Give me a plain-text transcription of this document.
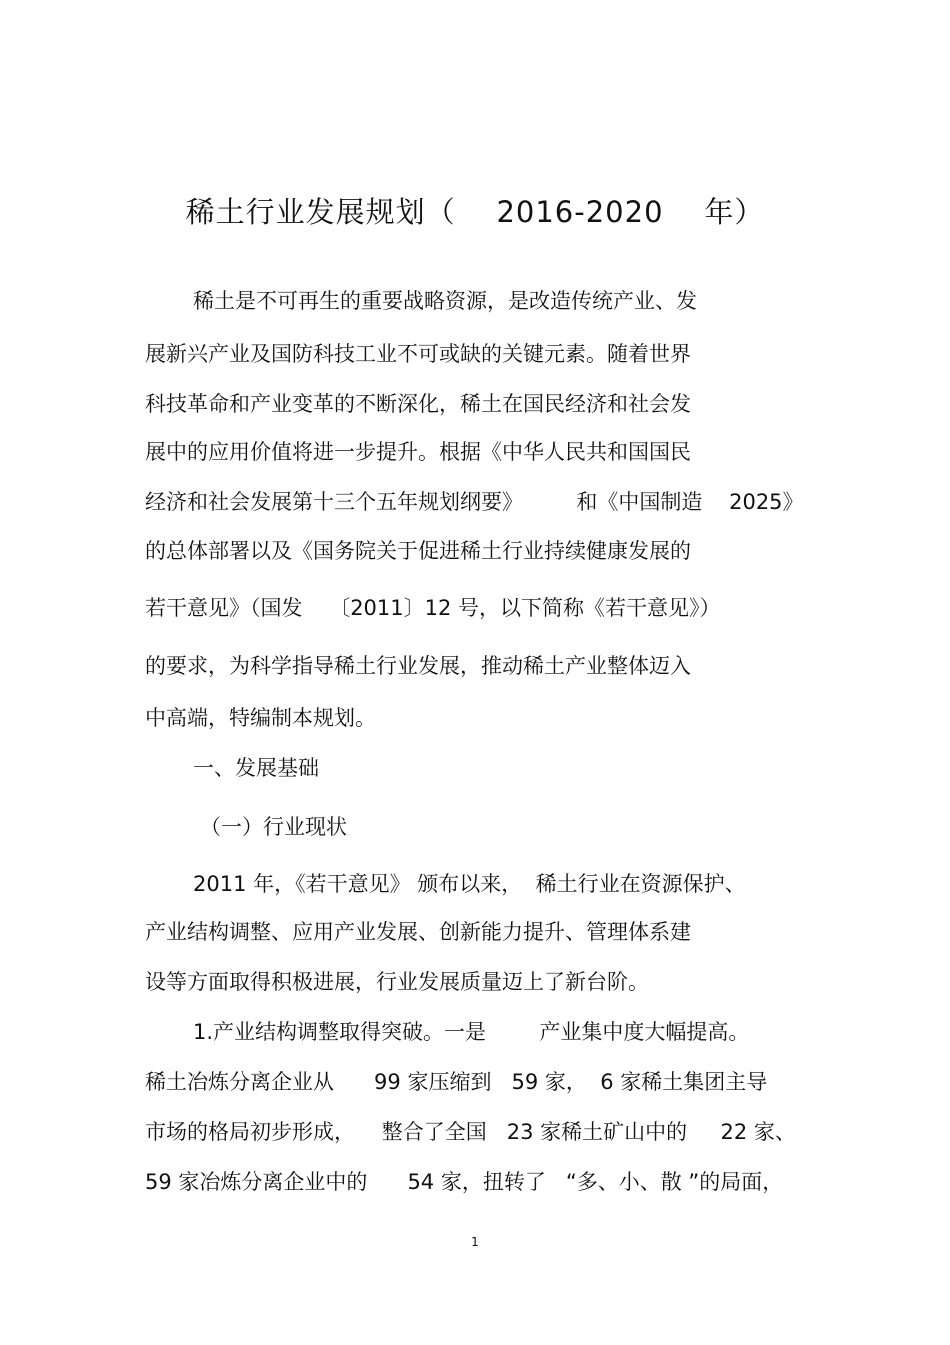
稀土行业发展规划（    2016-2020    年）
稀土是不可再生的重要战略资源，是改造传统产业、发
展新兴产业及国防科技工业不可或缺的关键元素。随着世界
科技革命和产业变革的不断深化，稀土在国民经济和社会发
展中的应用价值将进一步提升。根据《中华人民共和国国民
经济和社会发展第十三个五年规划纲要》        和《中国制造    2025》
的总体部署以及《国务院关于促进稀土行业持续健康发展的
若干意见》（国发    〔2011〕12 号，以下简称《若干意见》）
的要求，为科学指导稀土行业发展，推动稀土产业整体迈入
中高端，特编制本规划。
一、发展基础
（一）行业现状
2011 年，《若干意见》 颁布以来，  稀土行业在资源保护、
产业结构调整、应用产业发展、创新能力提升、管理体系建
设等方面取得积极进展，行业发展质量迈上了新台阶。
1.产业结构调整取得突破。一是        产业集中度大幅提高。
稀土冶炼分离企业从      99 家压缩到   59 家，  6 家稀土集团主导
市场的格局初步形成，    整合了全国   23 家稀土矿山中的     22 家、
59 家冶炼分离企业中的      54 家，扭转了   “多、小、散 ”的局面，
1
